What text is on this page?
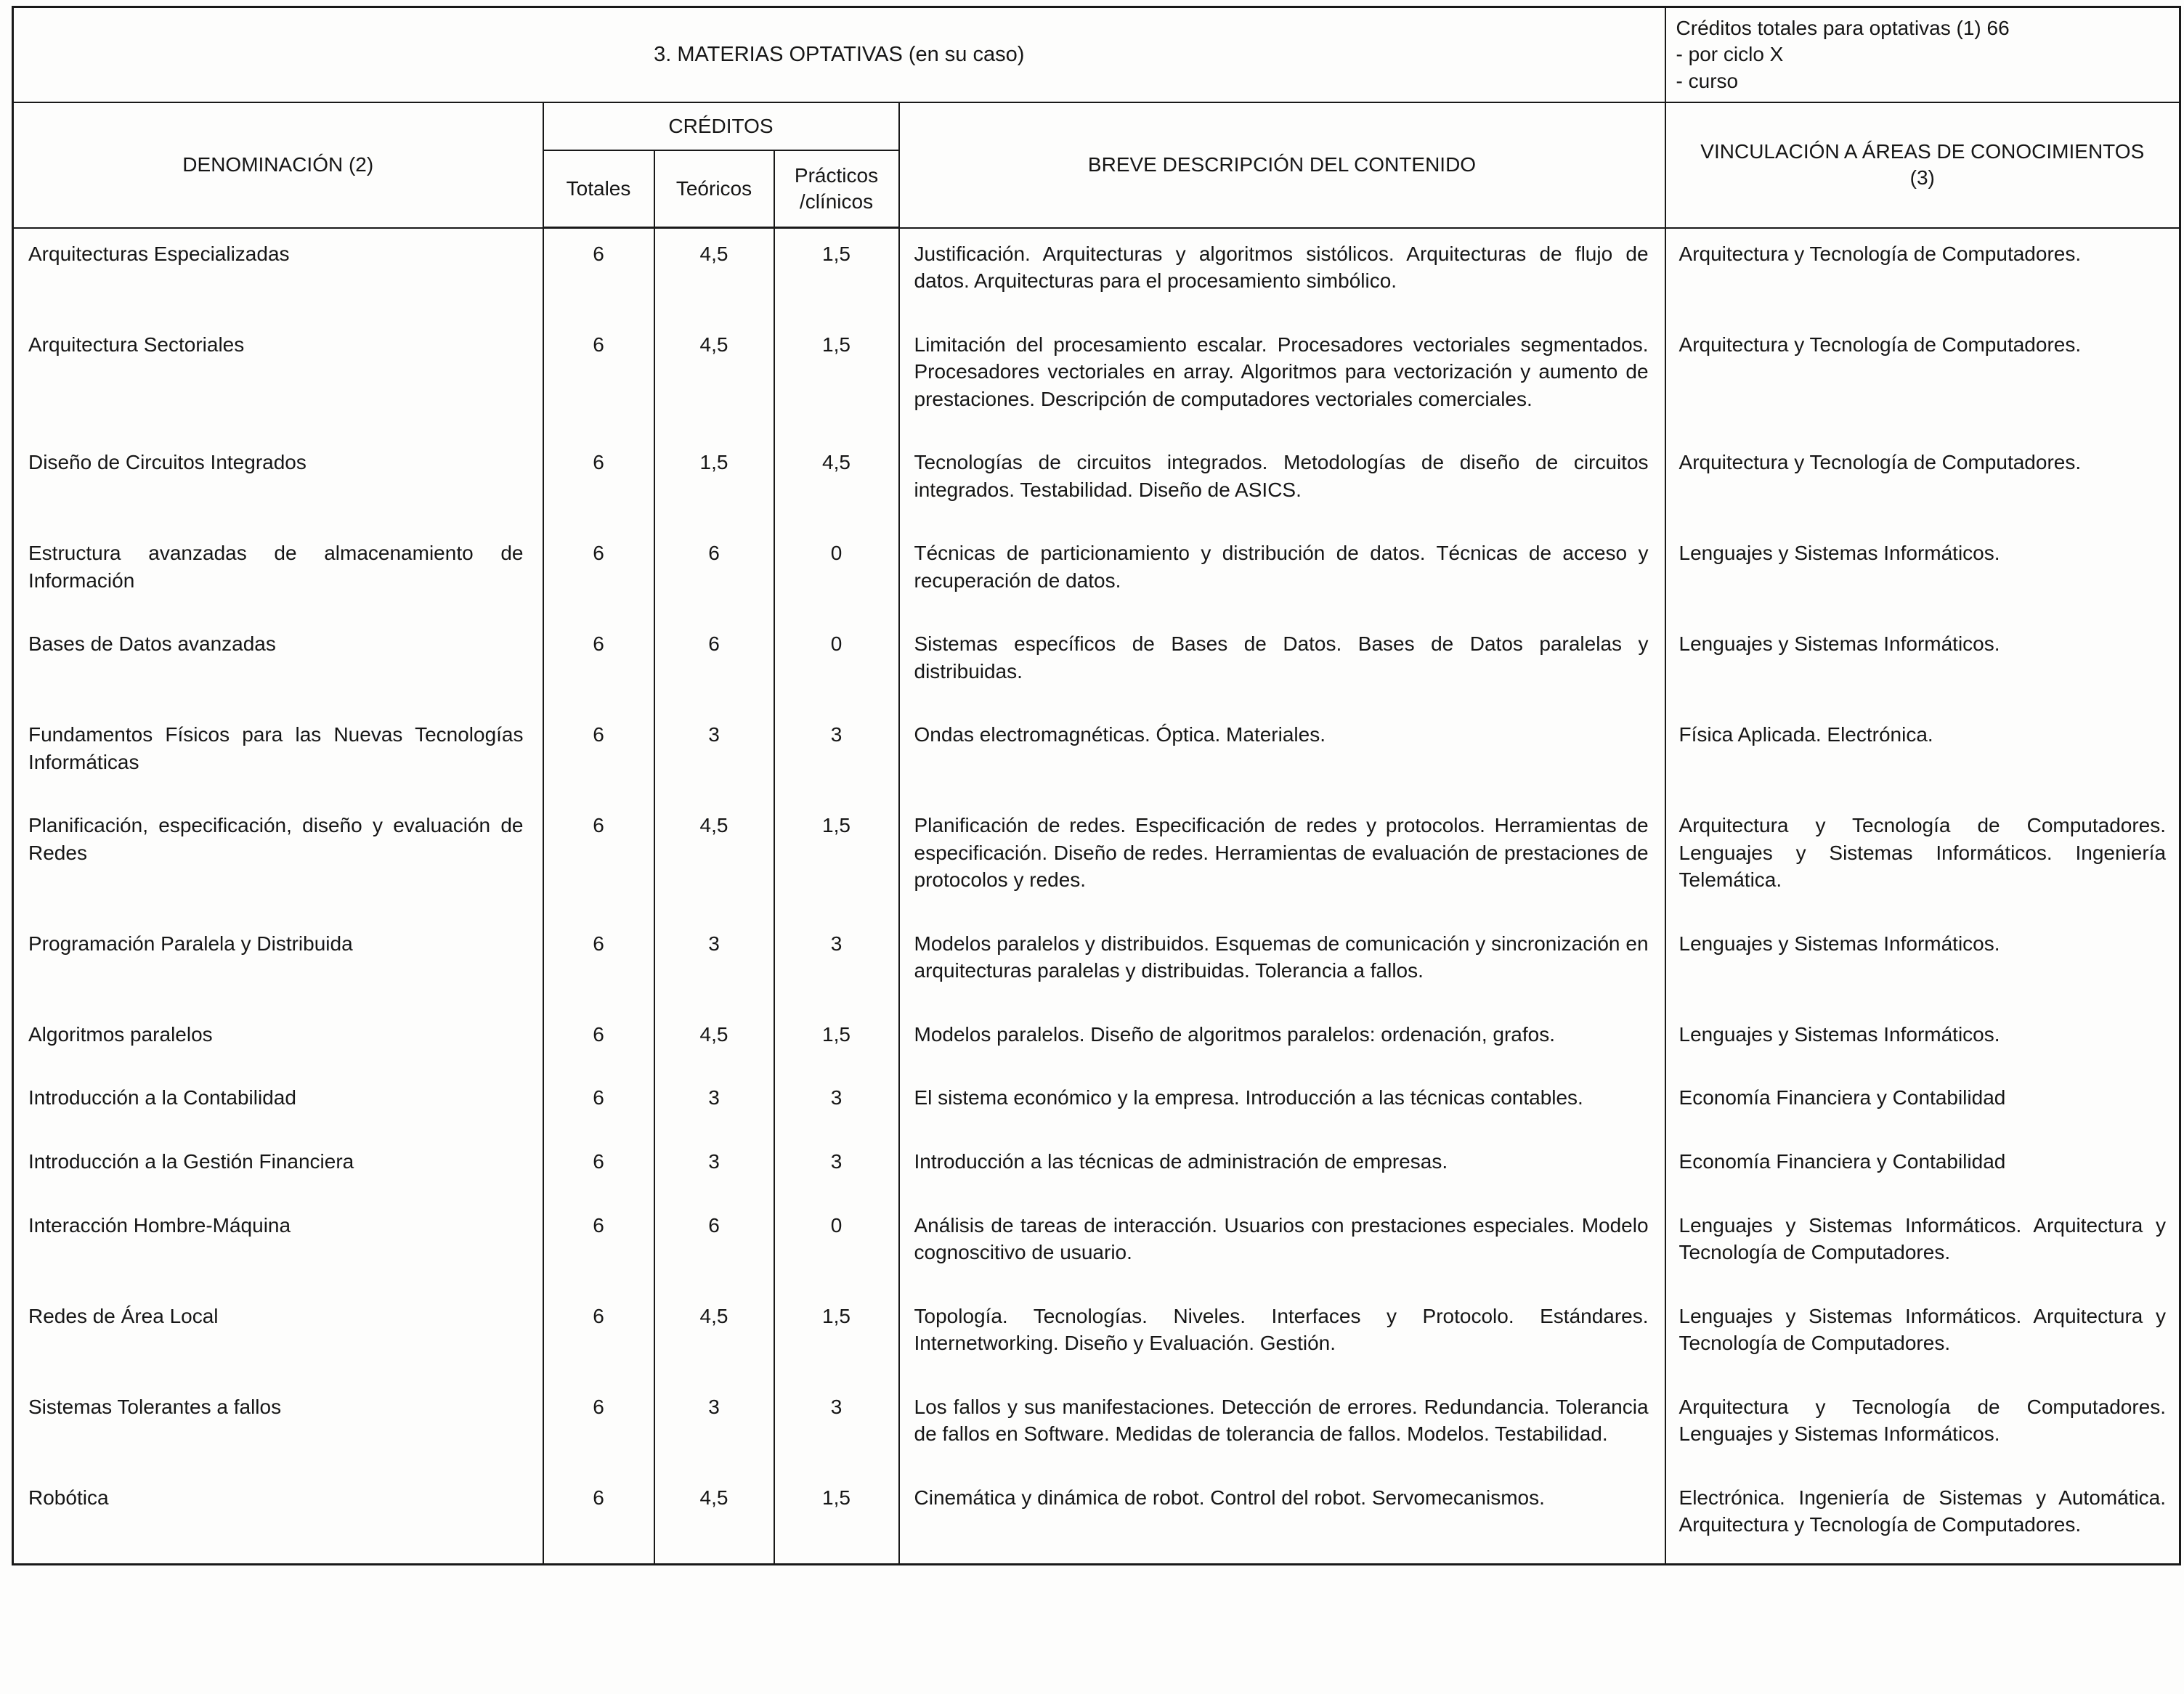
3. MATERIAS OPTATIVAS (en su caso)					Créditos totales para optativas (1) 66
- por ciclo X
- curso

DENOMINACIÓN (2)	CRÉDITOS			BREVE DESCRIPCIÓN DEL CONTENIDO	VINCULACIÓN A ÁREAS DE CONOCIMIENTOS
(3)

	Totales	Teóricos	Prácticos
/clínicos		

Arquitecturas Especializadas	6	4,5	1,5	Justificación. Arquitecturas y algoritmos sistólicos. Arquitecturas de flujo de datos. Arquitecturas para el procesamiento simbólico.	Arquitectura y Tecnología de Computadores.
Arquitectura Sectoriales	6	4,5	1,5	Limitación del procesamiento escalar. Procesadores vectoriales segmentados. Procesadores vectoriales en array. Algoritmos para vectorización y aumento de prestaciones. Descripción de computadores vectoriales comerciales.	Arquitectura y Tecnología de Computadores.
Diseño de Circuitos Integrados	6	1,5	4,5	Tecnologías de circuitos integrados. Metodologías de diseño de circuitos integrados. Testabilidad. Diseño de ASICS.	Arquitectura y Tecnología de Computadores.
Estructura avanzadas de almacenamiento de Información	6	6	0	Técnicas de particionamiento y distribución de datos. Técnicas de acceso y recuperación de datos.	Lenguajes y Sistemas Informáticos.
Bases de Datos avanzadas	6	6	0	Sistemas específicos de Bases de Datos. Bases de Datos paralelas y distribuidas.	Lenguajes y Sistemas Informáticos.
Fundamentos Físicos para las Nuevas Tecnologías Informáticas	6	3	3	Ondas electromagnéticas. Óptica. Materiales.	Física Aplicada. Electrónica.
Planificación, especificación, diseño y evaluación de Redes	6	4,5	1,5	Planificación de redes. Especificación de redes y protocolos. Herramientas de especificación. Diseño de redes. Herramientas de evaluación de prestaciones de protocolos y redes.	Arquitectura y Tecnología de Computadores. Lenguajes y Sistemas Informáticos. Ingeniería Telemática.
Programación Paralela y Distribuida	6	3	3	Modelos paralelos y distribuidos. Esquemas de comunicación y sincronización en arquitecturas paralelas y distribuidas. Tolerancia a fallos.	Lenguajes y Sistemas Informáticos.
Algoritmos paralelos	6	4,5	1,5	Modelos paralelos. Diseño de algoritmos paralelos: ordenación, grafos.	Lenguajes y Sistemas Informáticos.
Introducción a la Contabilidad	6	3	3	El sistema económico y la empresa. Introducción a las técnicas contables.	Economía Financiera y Contabilidad
Introducción a la Gestión Financiera	6	3	3	Introducción a las técnicas de administración de empresas.	Economía Financiera y Contabilidad
Interacción Hombre-Máquina	6	6	0	Análisis de tareas de interacción. Usuarios con prestaciones especiales. Modelo cognoscitivo de usuario.	Lenguajes y Sistemas Informáticos. Arquitectura y Tecnología de Computadores.
Redes de Área Local	6	4,5	1,5	Topología. Tecnologías. Niveles. Interfaces y Protocolo. Estándares. Internetworking. Diseño y Evaluación. Gestión.	Lenguajes y Sistemas Informáticos. Arquitectura y Tecnología de Computadores.
Sistemas Tolerantes a fallos	6	3	3	Los fallos y sus manifestaciones. Detección de errores. Redundancia. Tolerancia de fallos en Software. Medidas de tolerancia de fallos. Modelos. Testabilidad.	Arquitectura y Tecnología de Computadores. Lenguajes y Sistemas Informáticos.
Robótica	6	4,5	1,5	Cinemática y dinámica de robot. Control del robot. Servomecanismos.	Electrónica. Ingeniería de Sistemas y Automática. Arquitectura y Tecnología de Computadores.
